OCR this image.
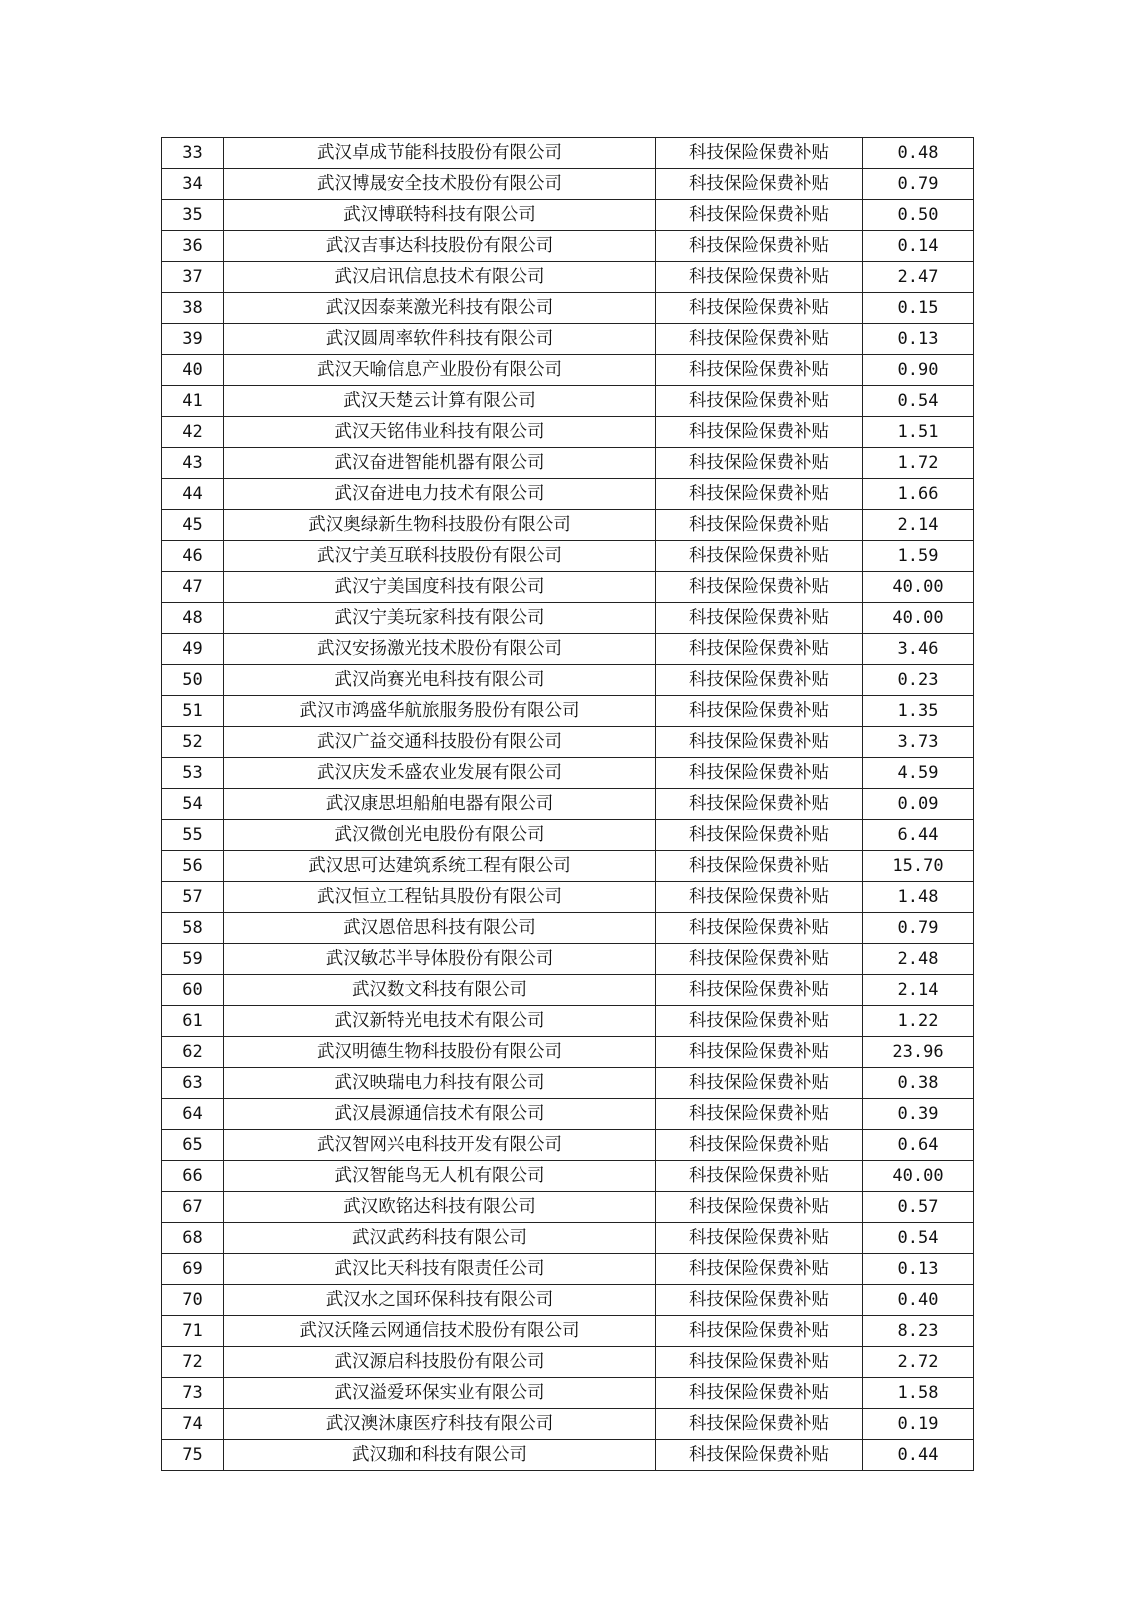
33	武汉卓成节能科技股份有限公司	科技保险保费补贴	0.48
34	武汉博晟安全技术股份有限公司	科技保险保费补贴	0.79
35	武汉博联特科技有限公司	科技保险保费补贴	0.50
36	武汉吉事达科技股份有限公司	科技保险保费补贴	0.14
37	武汉启讯信息技术有限公司	科技保险保费补贴	2.47
38	武汉因泰莱激光科技有限公司	科技保险保费补贴	0.15
39	武汉圆周率软件科技有限公司	科技保险保费补贴	0.13
40	武汉天喻信息产业股份有限公司	科技保险保费补贴	0.90
41	武汉天楚云计算有限公司	科技保险保费补贴	0.54
42	武汉天铭伟业科技有限公司	科技保险保费补贴	1.51
43	武汉奋进智能机器有限公司	科技保险保费补贴	1.72
44	武汉奋进电力技术有限公司	科技保险保费补贴	1.66
45	武汉奥绿新生物科技股份有限公司	科技保险保费补贴	2.14
46	武汉宁美互联科技股份有限公司	科技保险保费补贴	1.59
47	武汉宁美国度科技有限公司	科技保险保费补贴	40.00
48	武汉宁美玩家科技有限公司	科技保险保费补贴	40.00
49	武汉安扬激光技术股份有限公司	科技保险保费补贴	3.46
50	武汉尚赛光电科技有限公司	科技保险保费补贴	0.23
51	武汉市鸿盛华航旅服务股份有限公司	科技保险保费补贴	1.35
52	武汉广益交通科技股份有限公司	科技保险保费补贴	3.73
53	武汉庆发禾盛农业发展有限公司	科技保险保费补贴	4.59
54	武汉康思坦船舶电器有限公司	科技保险保费补贴	0.09
55	武汉微创光电股份有限公司	科技保险保费补贴	6.44
56	武汉思可达建筑系统工程有限公司	科技保险保费补贴	15.70
57	武汉恒立工程钻具股份有限公司	科技保险保费补贴	1.48
58	武汉恩倍思科技有限公司	科技保险保费补贴	0.79
59	武汉敏芯半导体股份有限公司	科技保险保费补贴	2.48
60	武汉数文科技有限公司	科技保险保费补贴	2.14
61	武汉新特光电技术有限公司	科技保险保费补贴	1.22
62	武汉明德生物科技股份有限公司	科技保险保费补贴	23.96
63	武汉映瑞电力科技有限公司	科技保险保费补贴	0.38
64	武汉晨源通信技术有限公司	科技保险保费补贴	0.39
65	武汉智网兴电科技开发有限公司	科技保险保费补贴	0.64
66	武汉智能鸟无人机有限公司	科技保险保费补贴	40.00
67	武汉欧铭达科技有限公司	科技保险保费补贴	0.57
68	武汉武药科技有限公司	科技保险保费补贴	0.54
69	武汉比天科技有限责任公司	科技保险保费补贴	0.13
70	武汉水之国环保科技有限公司	科技保险保费补贴	0.40
71	武汉沃隆云网通信技术股份有限公司	科技保险保费补贴	8.23
72	武汉源启科技股份有限公司	科技保险保费补贴	2.72
73	武汉溢爱环保实业有限公司	科技保险保费补贴	1.58
74	武汉澳沐康医疗科技有限公司	科技保险保费补贴	0.19
75	武汉珈和科技有限公司	科技保险保费补贴	0.44
